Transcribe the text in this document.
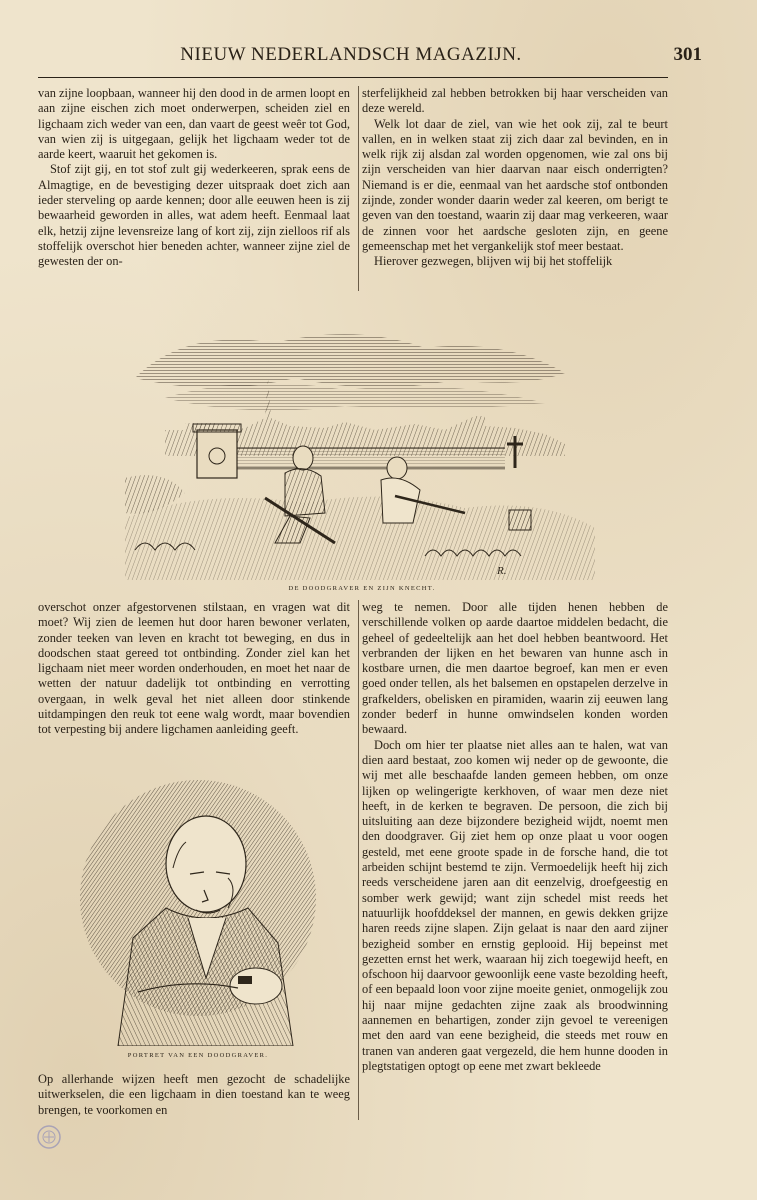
NIEUW NEDERLANDSCH MAGAZIJN.	301

van zijne loopbaan, wanneer hij den dood in de armen loopt en aan zijne eischen zich moet onderwerpen, scheiden ziel en ligchaam zich weder van een, dan vaart de geest weêr tot God, van wien zij is uitgegaan, gelijk het ligchaam weder tot de aarde keert, waaruit het gekomen is.

Stof zijt gij, en tot stof zult gij wederkeeren, sprak eens de Almagtige, en de bevestiging dezer uitspraak doet zich aan ieder sterveling op aarde kennen; door alle eeuwen heen is zij bewaarheid geworden in alles, wat adem heeft. Eenmaal laat elk, hetzij zijne levensreize lang of kort zij, zijn zielloos rif als stoffelijk overschot hier beneden achter, wanneer zijne ziel de gewesten der on-

sterfelijkheid zal hebben betrokken bij haar verscheiden van deze wereld.

Welk lot daar de ziel, van wie het ook zij, zal te beurt vallen, en in welken staat zij zich daar zal bevinden, en in welk rijk zij alsdan zal worden opgenomen, wie zal ons bij zijn verscheiden van hier daarvan naar eisch onderrigten? Niemand is er die, eenmaal van het aardsche stof ontbonden zijnde, zonder wonder daarin weder zal keeren, om berigt te geven van den toestand, waarin zij daar mag verkeeren, waar de zinnen voor het aardsche gesloten zijn, en geene gemeenschap met het vergankelijk stof meer bestaat.

Hierover gezwegen, blijven wij bij het stoffelijk

R.
DE DOODGRAVER EN ZIJN KNECHT.

overschot onzer afgestorvenen stilstaan, en vragen wat dit moet? Wij zien de leemen hut door haren bewoner verlaten, zonder teeken van leven en kracht tot beweging, en dus in doodschen staat gereed tot ontbinding. Zonder ziel kan het ligchaam niet meer worden onderhouden, en moet het naar de wetten der natuur dadelijk tot ontbinding en verrotting overgaan, in welk geval het niet alleen door stinkende uitdampingen den reuk tot eene walg wordt, maar bovendien tot verpesting bij andere ligchamen aanleiding geeft.

PORTRET VAN EEN DOODGRAVER.

Op allerhande wijzen heeft men gezocht de schadelijke uitwerkselen, die een ligchaam in dien toestand kan te weeg brengen, te voorkomen en

weg te nemen. Door alle tijden henen hebben de verschillende volken op aarde daartoe middelen bedacht, die geheel of gedeeltelijk aan het doel hebben beantwoord. Het verbranden der lijken en het bewaren van hunne asch in kostbare urnen, die men daartoe begroef, kan men er even goed onder tellen, als het balsemen en opstapelen derzelve in grafkelders, obelisken en piramiden, waarin zij eeuwen lang zonder bederf in hunne omwindselen konden worden bewaard.

Doch om hier ter plaatse niet alles aan te halen, wat van dien aard bestaat, zoo komen wij neder op de gewoonte, die wij met alle beschaafde landen gemeen hebben, om onze lijken op welingerigte kerkhoven, of waar men deze niet heeft, in de kerken te begraven. De persoon, die zich bij uitsluiting aan deze bijzondere bezigheid wijdt, noemt men den doodgraver. Gij ziet hem op onze plaat u voor oogen gesteld, met eene groote spade in de forsche hand, die tot arbeiden schijnt bestemd te zijn. Vermoedelijk heeft hij zich reeds verscheidene jaren aan dit eenzelvig, droefgeestig en somber werk gewijd; want zijn schedel mist reeds het natuurlijk hoofddeksel der mannen, en gewis dekken grijze haren reeds zijne slapen. Zijn gelaat is naar den aard zijner bezigheid somber en ernstig geplooid. Hij bepeinst met gezetten ernst het werk, waaraan hij zich toegewijd heeft, en ofschoon hij daarvoor gewoonlijk eene vaste bezolding heeft, of een bepaald loon voor zijne moeite geniet, onmogelijk zou hij naar mijne gedachten zijne zaak als broodwinning aannemen en behartigen, zonder zijn gevoel te vereenigen met den aard van eene bezigheid, die steeds met rouw en tranen van anderen gaat vergezeld, die hem hunne dooden in plegtstatigen optogt op eene met zwart bekleede
